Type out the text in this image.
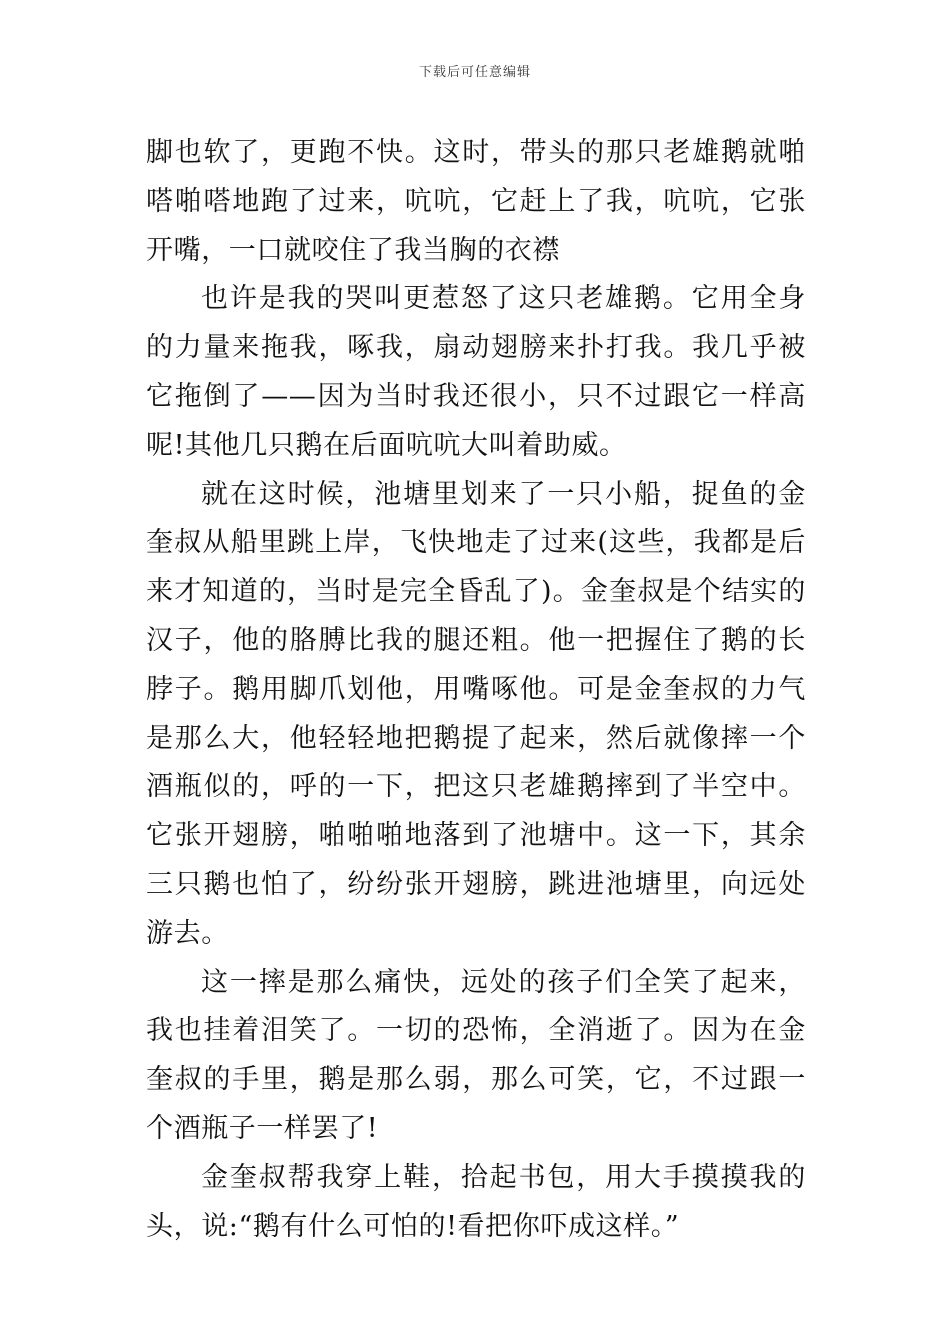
下载后可任意编辑

脚也软了，更跑不快。这时，带头的那只老雄鹅就啪嗒啪嗒地跑了过来，吭吭，它赶上了我，吭吭，它张开嘴，一口就咬住了我当胸的衣襟

也许是我的哭叫更惹怒了这只老雄鹅。它用全身的力量来拖我，啄我，扇动翅膀来扑打我。我几乎被它拖倒了——因为当时我还很小，只不过跟它一样高呢!其他几只鹅在后面吭吭大叫着助威。

就在这时候，池塘里划来了一只小船，捉鱼的金奎叔从船里跳上岸，飞快地走了过来(这些，我都是后来才知道的，当时是完全昏乱了)。金奎叔是个结实的汉子，他的胳膊比我的腿还粗。他一把握住了鹅的长脖子。鹅用脚爪划他，用嘴啄他。可是金奎叔的力气是那么大，他轻轻地把鹅提了起来，然后就像摔一个酒瓶似的，呼的一下，把这只老雄鹅摔到了半空中。它张开翅膀，啪啪啪地落到了池塘中。这一下，其余三只鹅也怕了，纷纷张开翅膀，跳进池塘里，向远处游去。

这一摔是那么痛快，远处的孩子们全笑了起来，我也挂着泪笑了。一切的恐怖，全消逝了。因为在金奎叔的手里，鹅是那么弱，那么可笑，它，不过跟一个酒瓶子一样罢了!

金奎叔帮我穿上鞋，拾起书包，用大手摸摸我的头，说:“鹅有什么可怕的!看把你吓成这样。”
